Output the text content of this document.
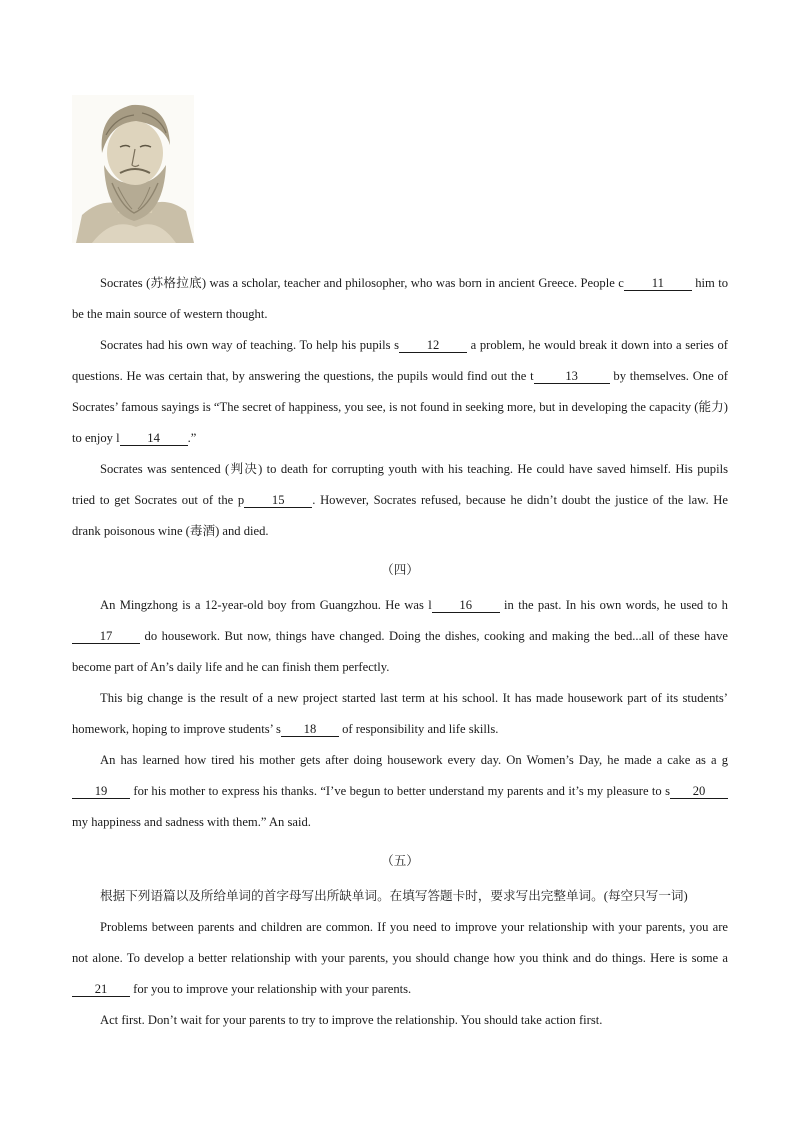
Socrates (苏格拉底) was a scholar, teacher and philosopher, who was born in ancient Greece. People c 11 him to be the main source of western thought.

Socrates had his own way of teaching. To help his pupils s 12 a problem, he would break it down into a series of questions. He was certain that, by answering the questions, the pupils would find out the t	13	by themselves. One of Socrates’ famous sayings is “The secret of happiness, you see, is not found in seeking more, but in developing the capacity (能力) to enjoy l 14 .”

Socrates was sentenced (判决) to death for corrupting youth with his teaching. He could have saved himself. His pupils tried to get Socrates out of the p 15 . However, Socrates refused, because he didn’t doubt the justice of the law. He drank poisonous wine (毒酒) and died.

（四）

An Mingzhong is a 12-year-old boy from Guangzhou. He was l 16 in the past. In his own words, he used to h17 do housework. But now, things have changed. Doing the dishes, cooking and making the bed...all of these have become part of An’s daily life and he can finish them perfectly.

This big change is the result of a new project started last term at his school. It has made housework part of its students’ homework, hoping to improve students’ s 18 of responsibility and life skills.

An has learned how tired his mother gets after doing housework every day. On Women’s Day, he made a cake as a g19 for his mother to express his thanks. “I’ve begun to better understand my parents and it’s my pleasure to s 20 my happiness and sadness with them.” An said.

（五）

根据下列语篇以及所给单词的首字母写出所缺单词。在填写答题卡时，要求写出完整单词。(每空只写一词)

Problems between parents and children are common. If you need to improve your relationship with your parents, you are not alone. To develop a better relationship with your parents, you should change how you think and do things. Here is some a21 for you to improve your relationship with your parents.

Act first. Don’t wait for your parents to try to improve the relationship. You should take action first.
